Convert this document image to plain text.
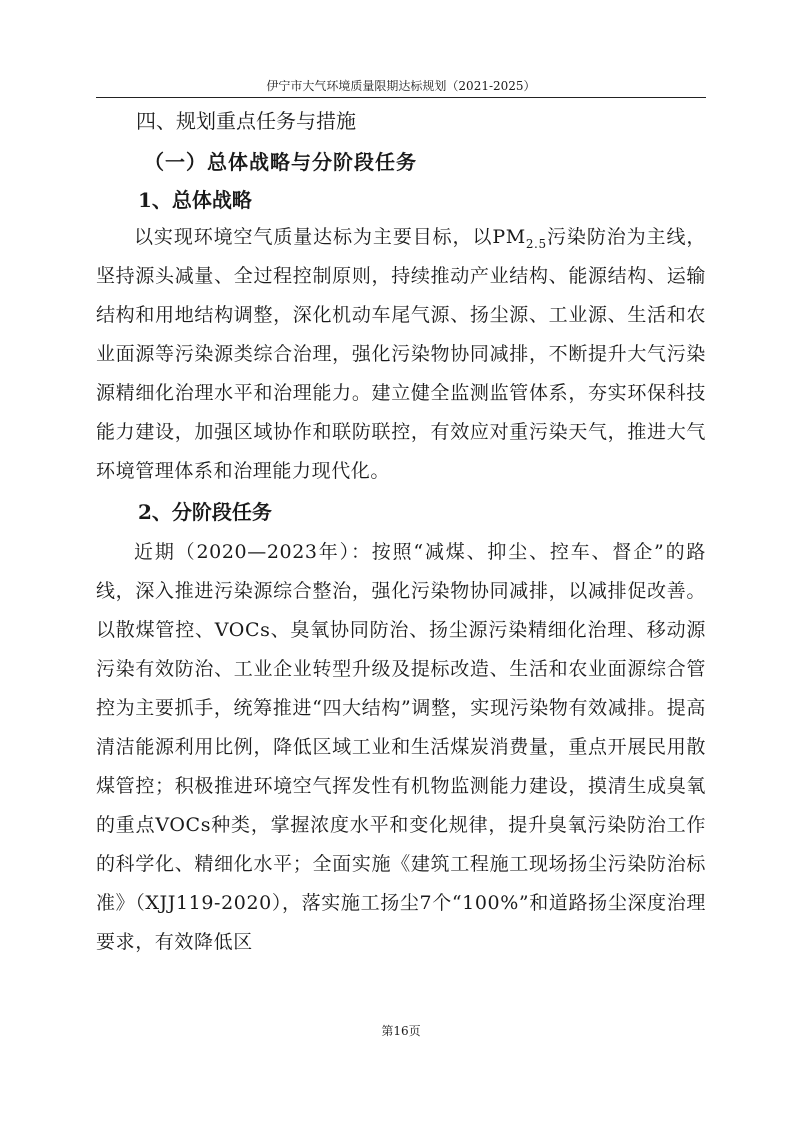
伊宁市大气环境质量限期达标规划（2021-2025）
四、规划重点任务与措施
（一）总体战略与分阶段任务
1、总体战略

以实现环境空气质量达标为主要目标，以$PM_{2.5}$污染防治为主线，坚持源头减量、全过程控制原则，持续推动产业结构、能源结构、运输结构和用地结构调整，深化机动车尾气源、扬尘源、工业源、生活和农业面源等污染源类综合治理，强化污染物协同减排，不断提升大气污染源精细化治理水平和治理能力。建立健全监测监管体系，夯实环保科技能力建设，加强区域协作和联防联控，有效应对重污染天气，推进大气环境管理体系和治理能力现代化。

2、分阶段任务

近期（2020—2023年）：按照“减煤、抑尘、控车、督企”的路线，深入推进污染源综合整治，强化污染物协同减排，以减排促改善。以散煤管控、VOCs、臭氧协同防治、扬尘源污染精细化治理、移动源污染有效防治、工业企业转型升级及提标改造、生活和农业面源综合管控为主要抓手，统筹推进“四大结构”调整，实现污染物有效减排。提高清洁能源利用比例，降低区域工业和生活煤炭消费量，重点开展民用散煤管控；积极推进环境空气挥发性有机物监测能力建设，摸清生成臭氧的重点VOCs种类，掌握浓度水平和变化规律，提升臭氧污染防治工作的科学化、精细化水平；全面实施《建筑工程施工现场扬尘污染防治标准》（XJJ119-2020），落实施工扬尘7个“100%”和道路扬尘深度治理要求，有效降低区

第16页
